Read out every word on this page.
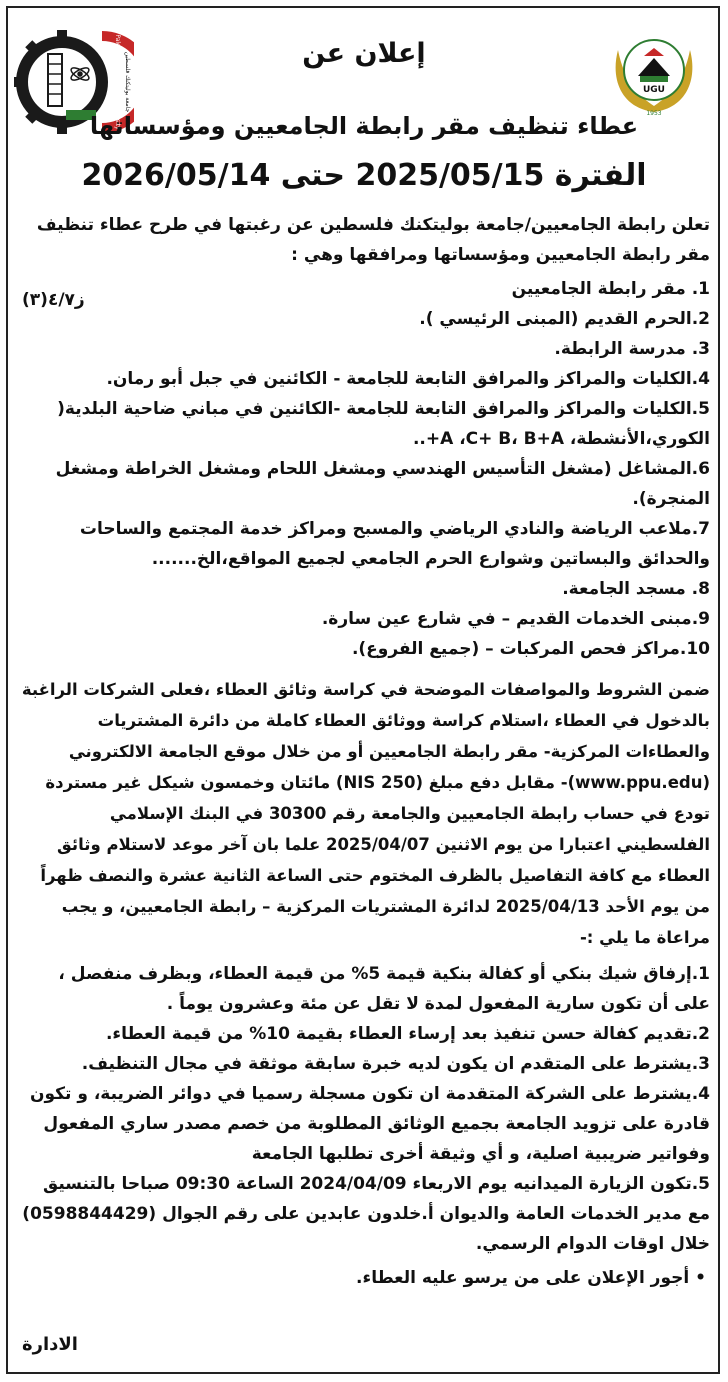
Palestine Polytechnic University جامعة بوليتكنك فلسطين	UGU
1953
إعلان عن
عطاء تنظيف مقر رابطة الجامعيين ومؤسساتها
الفترة 2025/05/15 حتى 2026/05/14

تعلن رابطة الجامعيين/جامعة بوليتكنك فلسطين عن رغبتها في طرح عطاء تنظيف مقر رابطة الجامعيين ومؤسساتها ومرافقها وهي :

1. مقر رابطة الجامعيين
2.الحرم القديم (المبنى الرئيسي ).
3. مدرسة الرابطة.
4.الكليات والمراكز والمرافق التابعة للجامعة - الكائنين في جبل أبو رمان.
5.الكليات والمراكز والمرافق التابعة للجامعة -الكائنين في مباني ضاحية البلدية( الكوري،الأنشطة، A ،C+ B، B+A+..
6.المشاغل (مشغل التأسيس الهندسي ومشغل اللحام ومشغل الخراطة ومشغل المنجرة).
7.ملاعب الرياضة والنادي الرياضي والمسبح ومراكز خدمة المجتمع والساحات والحدائق والبساتين وشوارع الحرم الجامعي لجميع المواقع،الخ.......
8. مسجد الجامعة.
9.مبنى الخدمات القديم – في شارع عين سارة.
10.مراكز فحص المركبات – (جميع الفروع).

ضمن الشروط والمواصفات الموضحة في كراسة وثائق العطاء ،فعلى الشركات الراغبة بالدخول في العطاء ،استلام كراسة ووثائق العطاء كاملة من دائرة المشتريات والعطاءات المركزية- مقر رابطة الجامعيين أو من خلال موقع الجامعة الالكتروني (www.ppu.edu)- مقابل دفع مبلغ (250 NIS) مائتان وخمسون شيكل غير مستردة تودع في حساب رابطة الجامعيين والجامعة رقم 30300 في البنك الإسلامي الفلسطيني اعتبارا من يوم الاثنين 2025/04/07 علما بان آخر موعد لاستلام وثائق العطاء مع كافة التفاصيل بالظرف المختوم حتى الساعة الثانية عشرة والنصف ظهراً من يوم الأحد 2025/04/13 لدائرة المشتريات المركزية – رابطة الجامعيين، و يجب مراعاة ما يلي :-

1.إرفاق شيك بنكي أو كفالة بنكية قيمة 5% من قيمة العطاء، وبظرف منفصل ، على أن تكون سارية المفعول لمدة لا تقل عن مئة وعشرون يوماً .
2.تقديم كفالة حسن تنفيذ بعد إرساء العطاء بقيمة 10% من قيمة العطاء.
3.يشترط على المتقدم ان يكون لديه خبرة سابقة موثقة في مجال التنظيف.
4.يشترط على الشركة المتقدمة ان تكون مسجلة رسميا في دوائر الضريبة، و تكون قادرة على تزويد الجامعة بجميع الوثائق المطلوبة من خصم مصدر ساري المفعول وفواتير ضريبية اصلية، و أي وثيقة أخرى تطلبها الجامعة
5.تكون الزيارة الميدانيه يوم الاربعاء 2024/04/09 الساعة 09:30 صباحا بالتنسيق مع مدير الخدمات العامة والديوان أ.خلدون عابدين على رقم الجوال (0598844429) خلال اوقات الدوام الرسمي.

• أجور الإعلان على من يرسو عليه العطاء.

ز٤/٧(٣)
الادارة
